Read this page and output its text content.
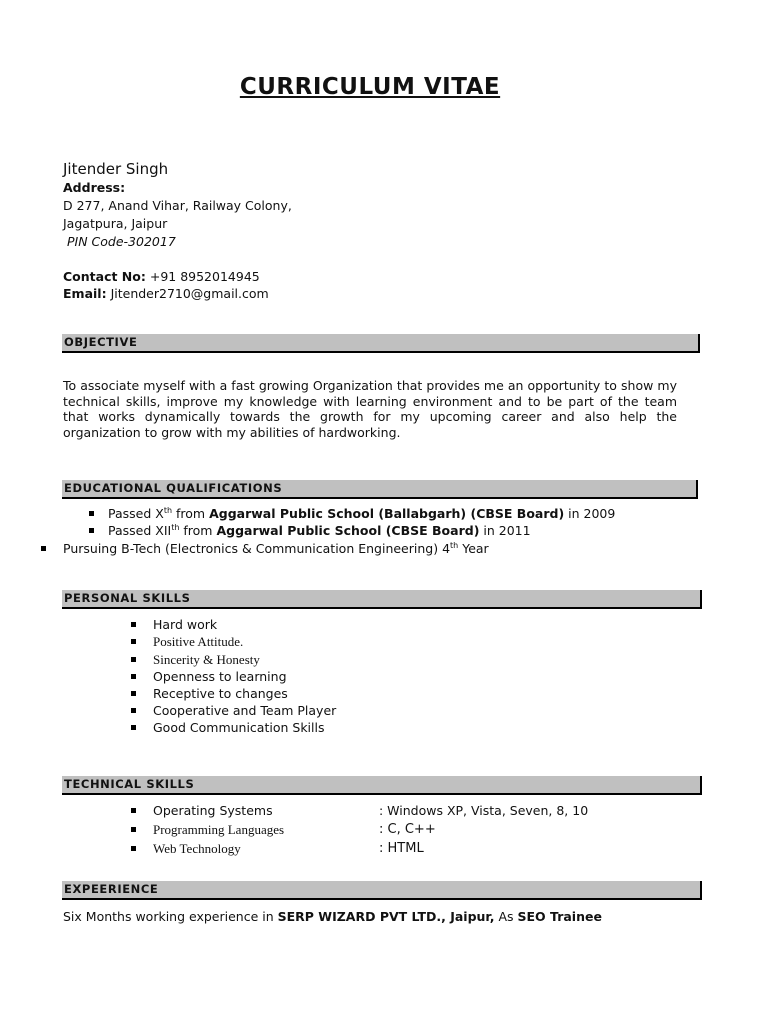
CURRICULUM VITAE
Jitender Singh
Address:
D 277, Anand Vihar, Railway Colony,
Jagatpura, Jaipur
PIN Code-302017
Contact No: +91 8952014945
Email: Jitender2710@gmail.com
OBJECTIVE
To associate myself with a fast growing Organization that provides me an opportunity to show my technical skills, improve my knowledge with learning environment and to be part of the team that works dynamically towards the growth for my upcoming career and also help the organization to grow with my abilities of hardworking.
EDUCATIONAL QUALIFICATIONS
Passed Xth from Aggarwal Public School (Ballabgarh) (CBSE Board) in 2009
Passed XIIth from Aggarwal Public School (CBSE Board) in 2011
Pursuing B-Tech (Electronics & Communication Engineering) 4th Year
PERSONAL SKILLS
Hard work
Positive Attitude.
Sincerity & Honesty
Openness to learning
Receptive to changes
Cooperative and Team Player
Good Communication Skills
TECHNICAL SKILLS
Operating Systems	: Windows XP, Vista, Seven, 8, 10
Programming Languages	: C, C++
Web Technology	: HTML
EXPEERIENCE
Six Months working experience in SERP WIZARD PVT LTD., Jaipur, As SEO Trainee
